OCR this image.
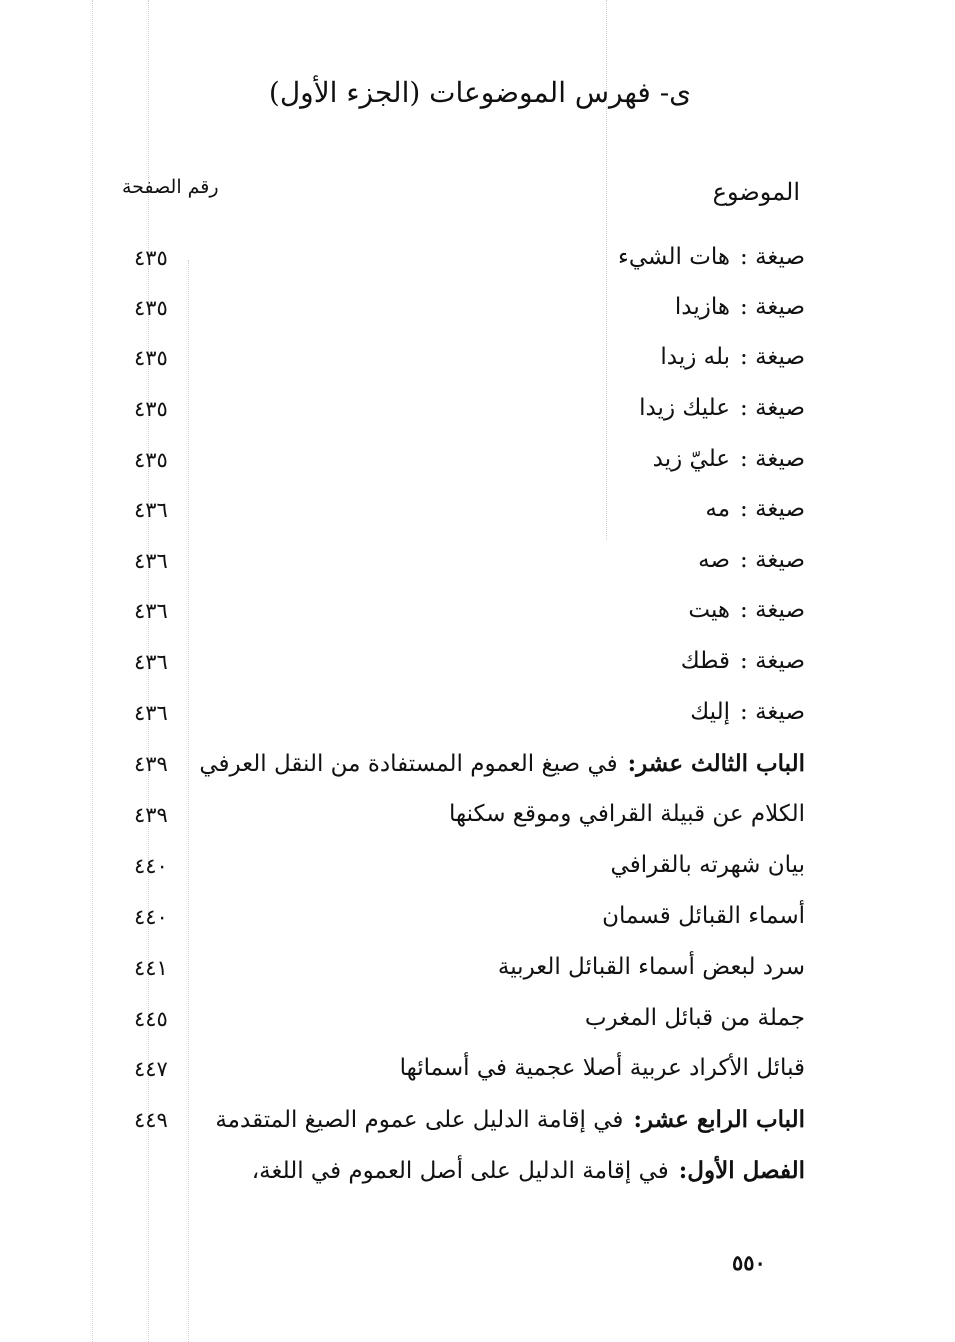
ى- فهرس الموضوعات (الجزء الأول)
الموضوع
رقم الصفحة
صيغة :هات الشيء
٤٣٥
صيغة :هازيدا
٤٣٥
صيغة :بله زيدا
٤٣٥
صيغة :عليك زيدا
٤٣٥
صيغة :عليّ زيد
٤٣٥
صيغة :مه
٤٣٦
صيغة :صه
٤٣٦
صيغة :هيت
٤٣٦
صيغة :قطك
٤٣٦
صيغة :إليك
٤٣٦
الباب الثالث عشر:في صيغ العموم المستفادة من النقل العرفي
٤٣٩
الكلام عن قبيلة القرافي وموقع سكنها
٤٣٩
بيان شهرته بالقرافي
٤٤٠
أسماء القبائل قسمان
٤٤٠
سرد لبعض أسماء القبائل العربية
٤٤١
جملة من قبائل المغرب
٤٤٥
قبائل الأكراد عربية أصلا عجمية في أسمائها
٤٤٧
الباب الرابع عشر:في إقامة الدليل على عموم الصيغ المتقدمة
٤٤٩
الفصل الأول:في إقامة الدليل على أصل العموم في اللغة،
٥٥٠
